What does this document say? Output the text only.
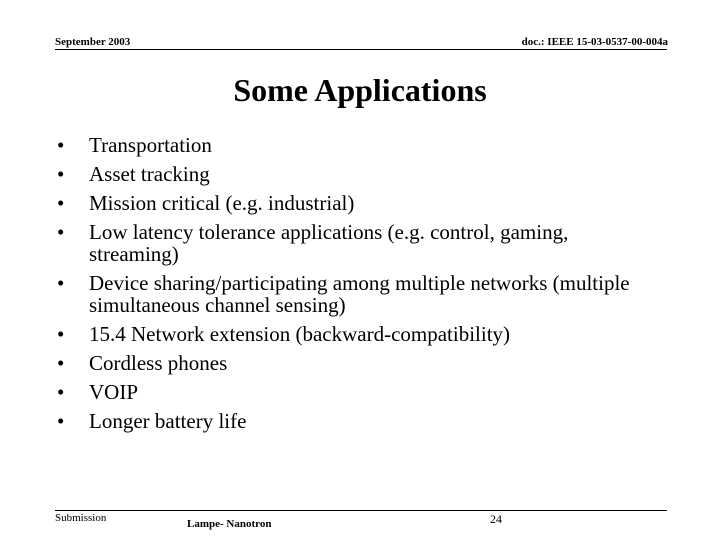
September 2003	doc.: IEEE 15-03-0537-00-004a
Some Applications
• Transportation
• Asset tracking
• Mission critical (e.g. industrial)
• Low latency tolerance applications (e.g. control, gaming, streaming)
• Device sharing/participating among multiple networks (multiple simultaneous channel sensing)
• 15.4 Network extension (backward-compatibility)
• Cordless phones
• VOIP
• Longer battery life
Submission	Lampe- Nanotron	24
